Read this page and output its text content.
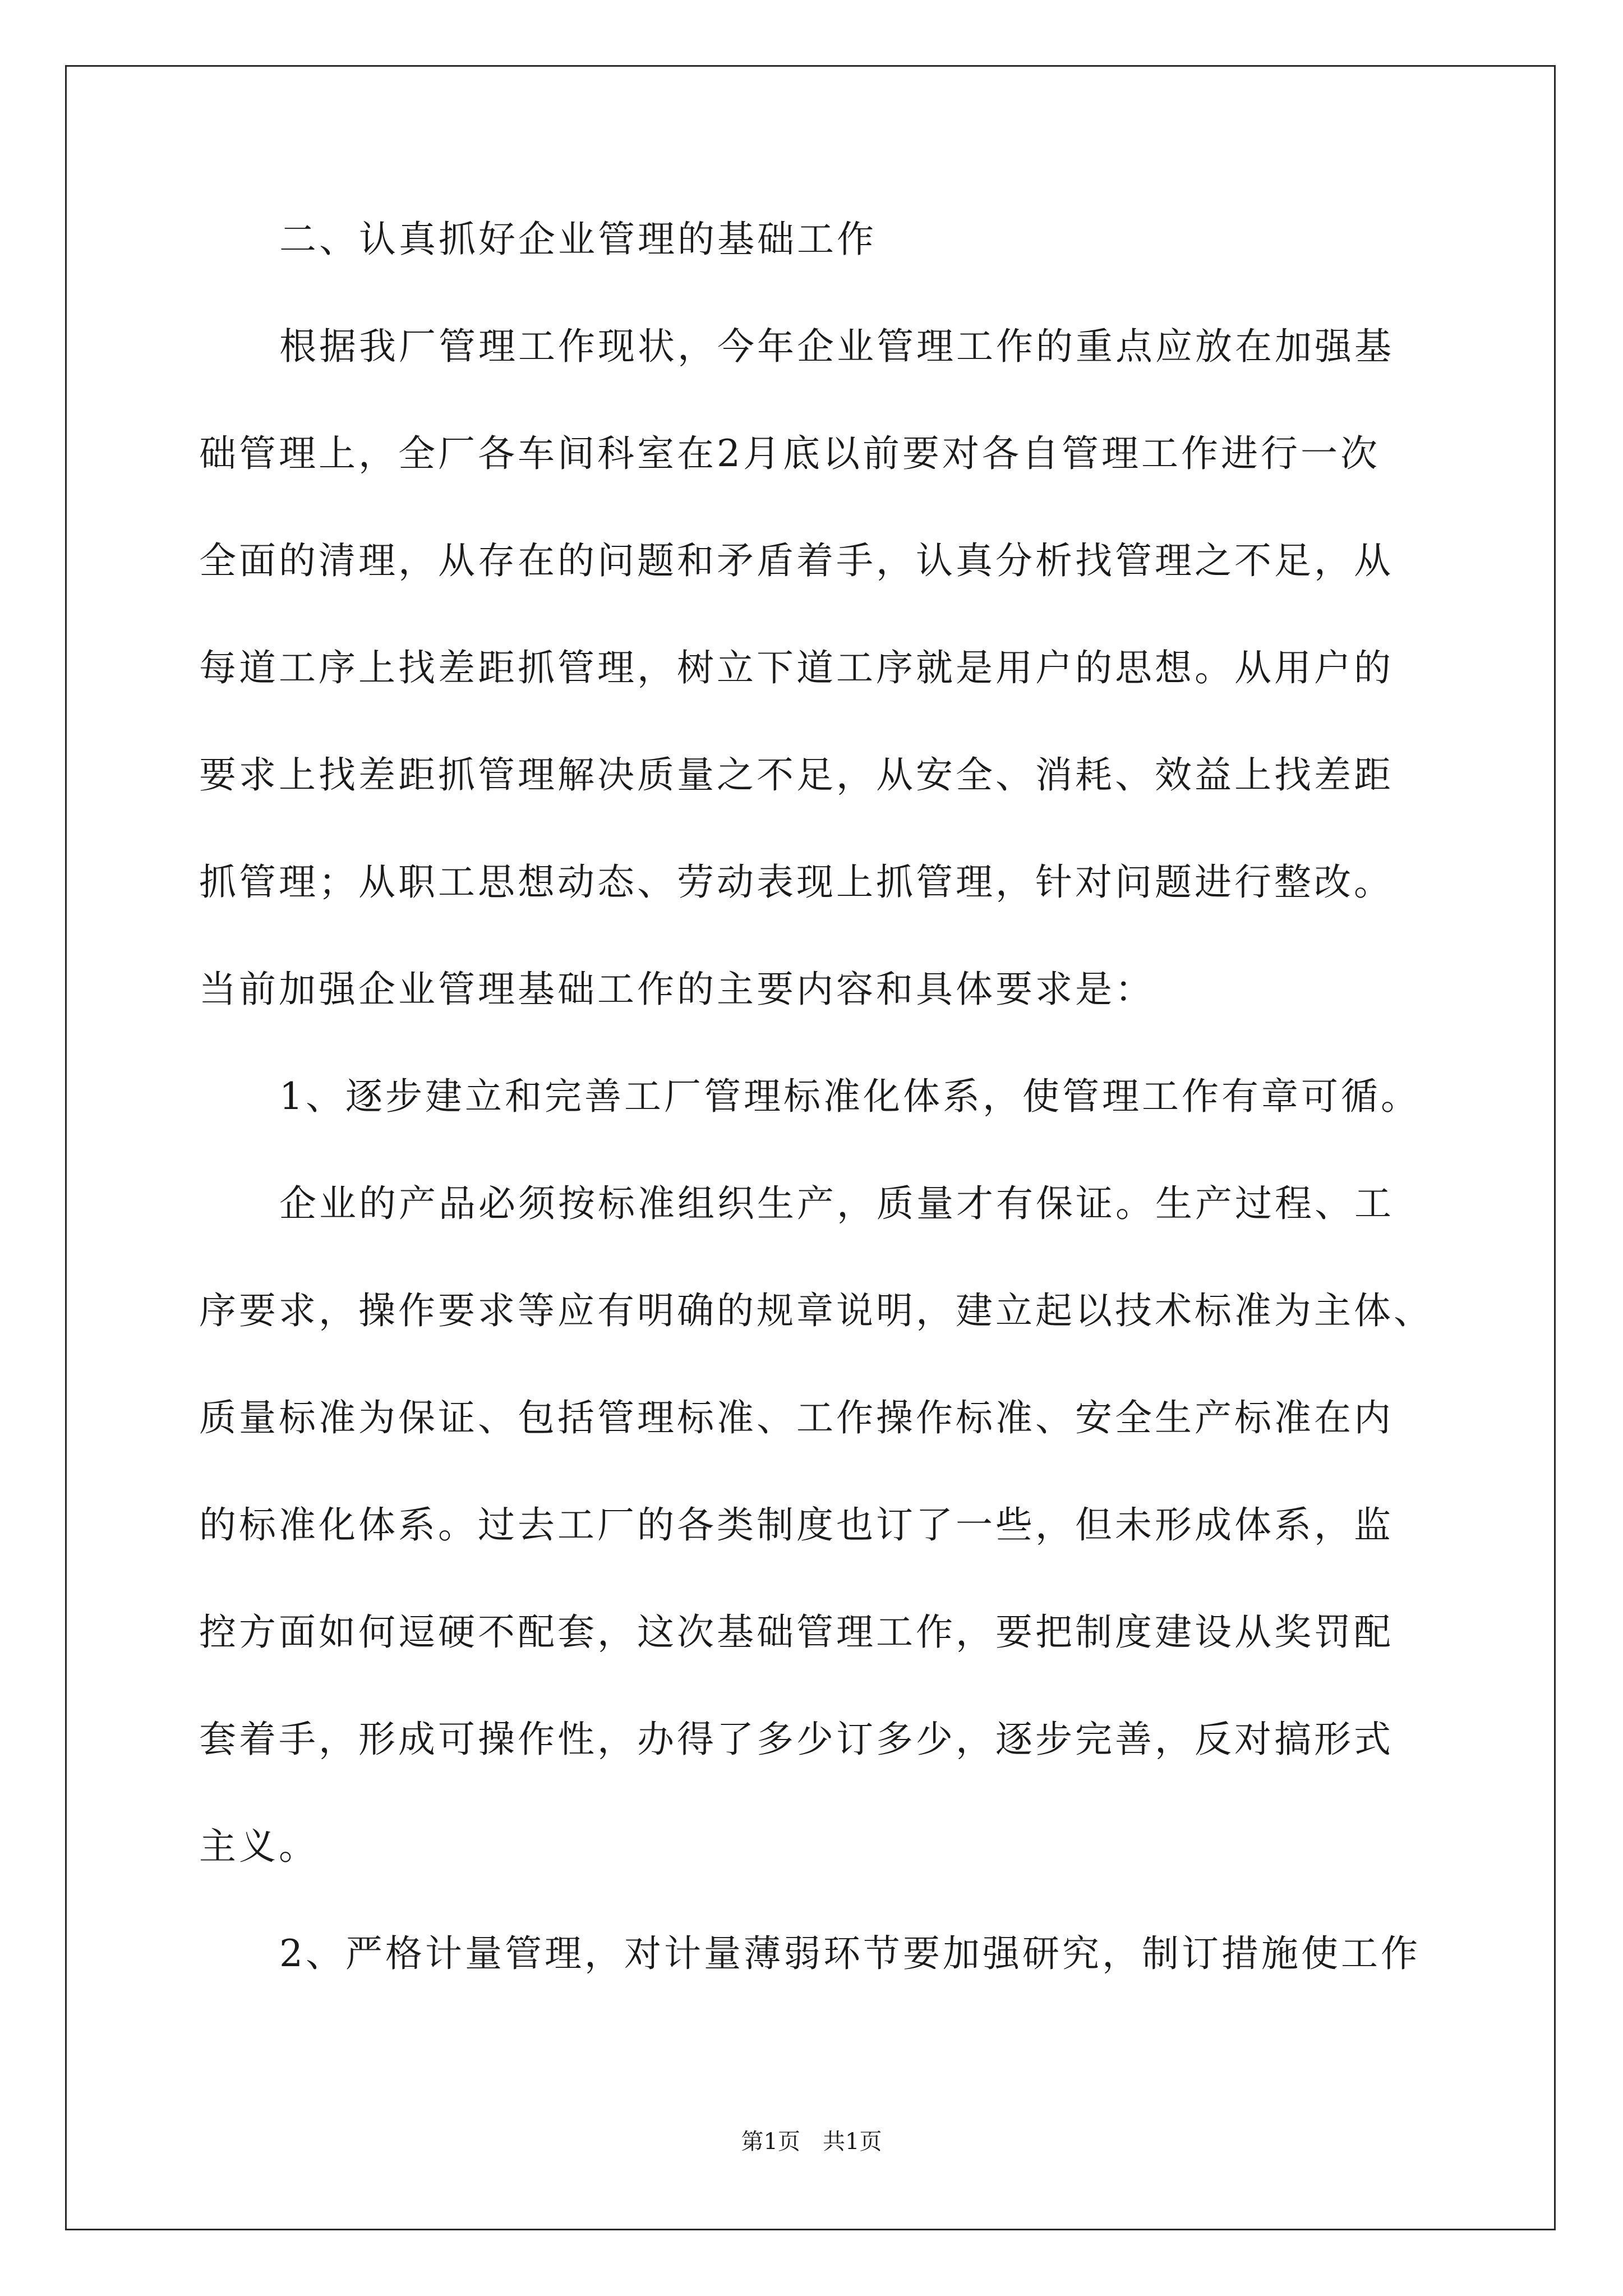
二、认真抓好企业管理的基础工作
根据我厂管理工作现状，今年企业管理工作的重点应放在加强基
础管理上，全厂各车间科室在2月底以前要对各自管理工作进行一次
全面的清理，从存在的问题和矛盾着手，认真分析找管理之不足，从
每道工序上找差距抓管理，树立下道工序就是用户的思想。从用户的
要求上找差距抓管理解决质量之不足，从安全、消耗、效益上找差距
抓管理；从职工思想动态、劳动表现上抓管理，针对问题进行整改。
当前加强企业管理基础工作的主要内容和具体要求是：
1、逐步建立和完善工厂管理标准化体系，使管理工作有章可循。
企业的产品必须按标准组织生产，质量才有保证。生产过程、工
序要求，操作要求等应有明确的规章说明，建立起以技术标准为主体、
质量标准为保证、包括管理标准、工作操作标准、安全生产标准在内
的标准化体系。过去工厂的各类制度也订了一些，但未形成体系，监
控方面如何逗硬不配套，这次基础管理工作，要把制度建设从奖罚配
套着手，形成可操作性，办得了多少订多少，逐步完善，反对搞形式
主义。
2、严格计量管理，对计量薄弱环节要加强研究，制订措施使工作
第1页 共1页
